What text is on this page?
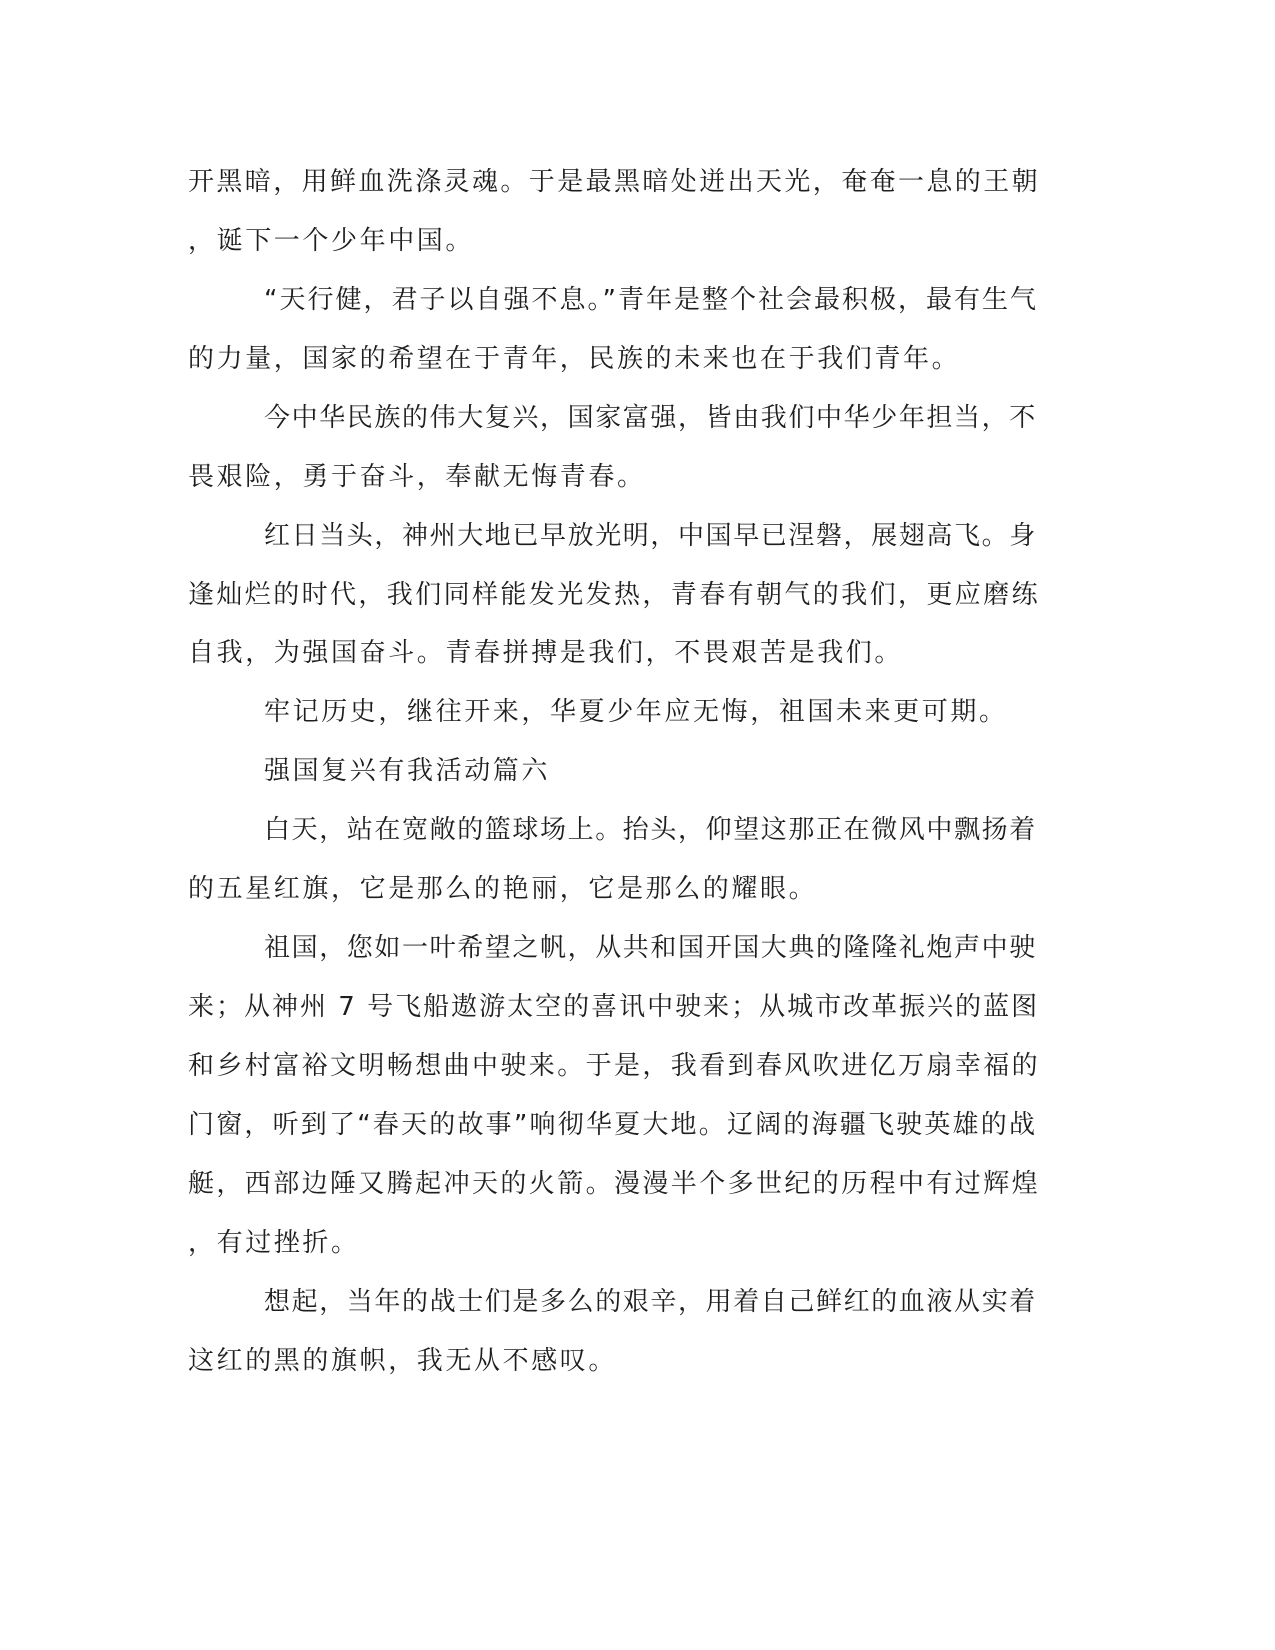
开黑暗，用鲜血洗涤灵魂。于是最黑暗处迸出天光，奄奄一息的王朝
，诞下一个少年中国。
“天行健，君子以自强不息。”青年是整个社会最积极，最有生气
的力量，国家的希望在于青年，民族的未来也在于我们青年。
今中华民族的伟大复兴，国家富强，皆由我们中华少年担当，不
畏艰险，勇于奋斗，奉献无悔青春。
红日当头，神州大地已早放光明，中国早已涅磐，展翅高飞。身
逢灿烂的时代，我们同样能发光发热，青春有朝气的我们，更应磨练
自我，为强国奋斗。青春拼搏是我们，不畏艰苦是我们。
牢记历史，继往开来，华夏少年应无悔，祖国未来更可期。
强国复兴有我活动篇六
白天，站在宽敞的篮球场上。抬头，仰望这那正在微风中飘扬着
的五星红旗，它是那么的艳丽，它是那么的耀眼。
祖国，您如一叶希望之帆，从共和国开国大典的隆隆礼炮声中驶
来；从神州 7 号飞船遨游太空的喜讯中驶来；从城市改革振兴的蓝图
和乡村富裕文明畅想曲中驶来。于是，我看到春风吹进亿万扇幸福的
门窗，听到了“春天的故事”响彻华夏大地。辽阔的海疆飞驶英雄的战
艇，西部边陲又腾起冲天的火箭。漫漫半个多世纪的历程中有过辉煌
，有过挫折。
想起，当年的战士们是多么的艰辛，用着自己鲜红的血液从实着
这红的黑的旗帜，我无从不感叹。
